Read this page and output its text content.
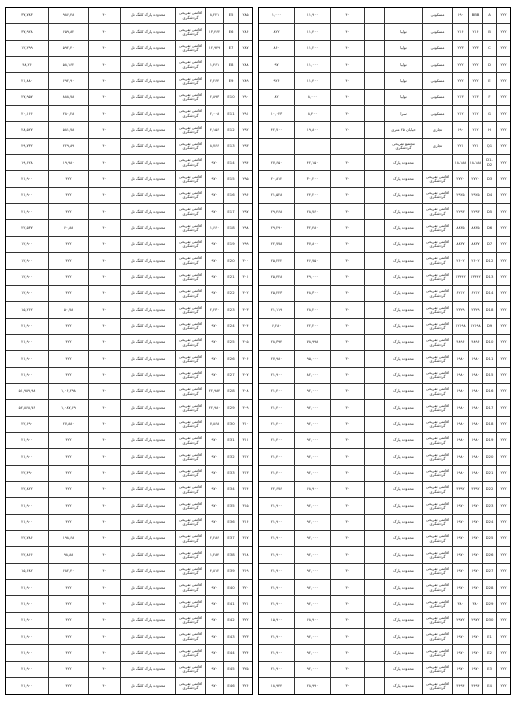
۲۸۵
E5
۸,۲۲۱
اقامتی تفریحی گردشگری
محدوده پارک کلنگ تل
۴۰
۹۸۶,۴۸
۳۷,۷۸۳
۲۸۶
E6
۱۳,۴۶۲
اقامتی تفریحی گردشگری
محدوده پارک کلنگ تل
۴۰
۶۵۹,۸۲
۳۷,۹۲۸
۲۸۷
E7
۱۲,۹۴۹
اقامتی تفریحی گردشگری
محدوده پارک کلنگ تل
۴۰
۵۹۲,۴۰
۱۲,۲۹۹
۲۸۸
E8
۱,۴۶۱
اقامتی تفریحی گردشگری
محدوده پارک کلنگ تل
۴۰
۵۸,۱۶۲
۴۸,۲۶
۲۸۹
E9
۲,۲۶۴
اقامتی تفریحی گردشگری
محدوده پارک کلنگ تل
۴۰
۶۹۲,۹۰
۲۱,۸۸۰
۲۹۰
E10
۲,۸۹۳
اقامتی تفریحی گردشگری
محدوده پارک کلنگ تل
۴۰
۸۸۸,۷۸
۲۷,۹۵۷
۲۹۱
E11
۲,۰۰۸
اقامتی تفریحی گردشگری
محدوده پارک کلنگ تل
۴۰
۲۸۰,۲۸
۲۰,۱۶۶
۲۹۲
E12
۴,۱۵۶
اقامتی تفریحی گردشگری
محدوده پارک کلنگ تل
۴۰
۵۸۱,۷۸
۲۸,۵۲۷
۲۹۳
E13
۸,۷۶۶
اقامتی تفریحی گردشگری
محدوده پارک کلنگ تل
۴۰
۲۲۹,۸۹
۲۹,۷۳۲
۲۹۴
E14
۹۷۰
اقامتی تفریحی گردشگری
محدوده پارک کلنگ تل
۴۰
۱۹,۹۸۰
۱۹,۶۲۸
۲۹۵
E15
۹۷۰
اقامتی تفریحی گردشگری
محدوده پارک کلنگ تل
۴۰
۴۲۲
۲۱,۹۰۰
۲۹۶
E16
۹۷۰
اقامتی تفریحی گردشگری
محدوده پارک کلنگ تل
۴۰
۴۲۲
۲۱,۹۰۰
۲۹۷
E17
۹۷۰
اقامتی تفریحی گردشگری
محدوده پارک کلنگ تل
۴۰
۴۲۲
۲۱,۹۰۰
۲۹۸
E18
۱,۶۶۰
اقامتی تفریحی گردشگری
محدوده پارک کلنگ تل
۴۰
۶۰,۸۸
۲۲,۵۳۷
۲۹۹
E19
۹۷۰
اقامتی تفریحی گردشگری
محدوده پارک کلنگ تل
۴۰
۴۲۲
۱۲,۹۰۰
۳۰۰
E20
۹۷۰
اقامتی تفریحی گردشگری
محدوده پارک کلنگ تل
۴۰
۴۲۲
۱۲,۹۰۰
۳۰۱
E21
۹۷۰
اقامتی تفریحی گردشگری
محدوده پارک کلنگ تل
۴۰
۴۲۲
۱۲,۹۰۰
۳۰۲
E22
۹۷۰
اقامتی تفریحی گردشگری
محدوده پارک کلنگ تل
۴۰
۴۲۲
۱۲,۹۰۰
۳۰۳
E23
۲,۲۳۰
اقامتی تفریحی گردشگری
محدوده پارک کلنگ تل
۴۰
۵۰,۷۸
۱۵,۲۶۲
۳۰۴
E24
۹۷۰
اقامتی تفریحی گردشگری
محدوده پارک کلنگ تل
۴۰
۴۲۲
۲۱,۹۰۰
۳۰۵
E25
۹۷۰
اقامتی تفریحی گردشگری
محدوده پارک کلنگ تل
۴۰
۴۲۲
۲۱,۹۰۰
۳۰۶
E26
۹۷۰
اقامتی تفریحی گردشگری
محدوده پارک کلنگ تل
۴۰
۴۲۲
۲۱,۹۰۰
۳۰۷
E27
۹۷۰
اقامتی تفریحی گردشگری
محدوده پارک کلنگ تل
۴۰
۴۲۲
۲۱,۹۰۰
۳۰۸
E28
۲۲,۹۸۴
اقامتی تفریحی گردشگری
محدوده پارک کلنگ تل
۴۰
۱,۰۶,۲۹۸
۵۱,۹۸۹,۹۸
۳۰۹
E29
۲۲,۹۸۰
اقامتی تفریحی گردشگری
محدوده پارک کلنگ تل
۴۰
۱,۰۸۷,۶۹
۵۲,۸۶۸,۷۶
۳۱۰
E30
۷,۸۶۸
اقامتی تفریحی گردشگری
محدوده پارک کلنگ تل
۴۰
۲۷,۸۸۰
۲۲,۶۹۰
۳۱۱
E31
۹۷۰
اقامتی تفریحی گردشگری
محدوده پارک کلنگ تل
۴۰
۴۲۲
۲۱,۹۰۰
۳۱۲
E32
۹۷۰
اقامتی تفریحی گردشگری
محدوده پارک کلنگ تل
۴۰
۴۲۲
۲۱,۹۰۰
۳۱۳
E33
۹۷۰
اقامتی تفریحی گردشگری
محدوده پارک کلنگ تل
۴۰
۴۲۲
۲۲,۴۹۰
۳۱۴
E34
۹۷۰
اقامتی تفریحی گردشگری
محدوده پارک کلنگ تل
۴۰
۴۲۲
۲۲,۸۲۲
۳۱۵
E35
۹۷۰
اقامتی تفریحی گردشگری
محدوده پارک کلنگ تل
۴۰
۴۲۲
۲۱,۹۰۰
۳۱۶
E36
۹۷۰
اقامتی تفریحی گردشگری
محدوده پارک کلنگ تل
۴۰
۴۲۲
۲۱,۹۰۰
۳۱۷
E37
۲,۲۸۶
اقامتی تفریحی گردشگری
محدوده پارک کلنگ تل
۴۰
۱۹۸,۶۸
۲۲,۷۸۶
۳۱۸
E38
۱,۲۸۴
اقامتی تفریحی گردشگری
محدوده پارک کلنگ تل
۴۰
۹۸,۸۸
۲۲,۸۶۶
۳۱۹
E39
۴,۸۱۲
اقامتی تفریحی گردشگری
محدوده پارک کلنگ تل
۴۰
۶۸۲,۴۰
۱۵,۶۸۲
۳۲۰
E40
۹۷۰
اقامتی تفریحی گردشگری
محدوده پارک کلنگ تل
۴۰
۴۲۲
۲۱,۹۰۰
۳۲۱
E41
۹۷۰
اقامتی تفریحی گردشگری
محدوده پارک کلنگ تل
۴۰
۴۲۲
۲۱,۹۰۰
۳۲۲
E42
۹۷۰
اقامتی تفریحی گردشگری
محدوده پارک کلنگ تل
۴۰
۴۲۲
۲۱,۹۰۰
۳۲۳
E43
۹۷۰
اقامتی تفریحی گردشگری
محدوده پارک کلنگ تل
۴۰
۴۲۲
۲۱,۹۰۰
۳۲۴
E44
۹۷۰
اقامتی تفریحی گردشگری
محدوده پارک کلنگ تل
۴۰
۴۲۲
۲۱,۹۰۰
۳۲۵
E45
۹۷۰
اقامتی تفریحی گردشگری
محدوده پارک کلنگ تل
۴۰
۴۲۲
۲۱,۹۰۰
۳۲۶
E46
۹۷۰
اقامتی تفریحی گردشگری
محدوده پارک کلنگ تل
۴۰
۴۲۲
۲۱,۹۰۰
۲۲۲
A
BBB
۱۹۰
مسکونی
۴۰
۱۱,۹۰۰
۱,۰۰۰
۲۲۲
B
۲۱۶
۲۱۶
مسکونی
تولیا
۴۰
۱۱,۴۰۰
۸۲۲
۲۲۲
C
۲۲۳
۲۲۳
مسکونی
تولیا
۴۰
۱۱,۲۰۰
۸۶۰
۲۲۲
D
۲۲۲
۲۲۲
مسکونی
تولیا
۴۰
۱۱,۰۰۰
۹۷
۲۲۲
E
۲۲۲
۲۲۲
مسکونی
تولیا
۴۰
۱۱,۴۰۰
۹۲۶
۲۲۲
F
۲۱۳
۲۱۳
مسکونی
تولیا
۴۰
۸,۰۰۰
۸۲
۲۲۲
G
۲۱۲
۲۱۲
مسکونی
سرا
۳۰
۸,۴۰۰
۱۰,۰۲۳
۲۲۲
H
۲۱۲
۱۹۰
تجاری
خیابان ۲۵ متری
۲۰
۱۹,۸۰۰
۴۲,۷۰۰
۲۲۲
Q1
۲۲۱
۲۲۱
تجاری
مجتمع تفریحی گردشگری
۲۲۲
D1-D2
۱۸،۱۸۸
۱۸،۱۸۸
محدوده پارک
۳۰
۴۲,۱۵۰
۲۷,۶۵۰
۲۲۲
D3
۲۷۲۰
۲۷۲۰
اقامتی تفریحی گردشگری
محدوده پارک
۳۰
۳۰,۲۰۰
۲۰,۸۱۲
۲۲۲
D4
۲۹۲۵
۲۹۲۵
اقامتی تفریحی گردشگری
محدوده پارک
۳۰
۲۴,۲۰۰
۲۱,۵۲۸
۲۲۲
D5
۲۲۹۳
۲۲۹۳
اقامتی تفریحی گردشگری
محدوده پارک
۳۰
۲۸,۷۶۰
۲۹,۴۶۸
۲۲۲
D6
۸۸۳۵
۸۸۳۵
اقامتی تفریحی گردشگری
محدوده پارک
۳۰
۳۲,۴۸۰
۲۹,۲۹۰
۲۲۲
D7
۸۸۳۷
۸۸۳۷
اقامتی تفریحی گردشگری
محدوده پارک
۳۰
۳۷,۸۰۰
۲۲,۷۷۸
۲۲۲
D12
۲۶۰۲
۲۶۰۲
اقامتی تفریحی گردشگری
محدوده پارک
۳۰
۴۶,۷۵۰
۲۵,۲۲۲
۲۲۲
D13
۱۳۴۴۲
۱۳۴۴۲
اقامتی تفریحی گردشگری
محدوده پارک
۳۰
۴۹,۰۰۰
۲۵,۴۲۸
۲۲۲
D14
۶۲۱۲
۶۲۱۲
اقامتی تفریحی گردشگری
محدوده پارک
۳۰
۴۸,۳۰۰
۲۵,۲۲۳
۲۲۲
D18
۲۳۲۹
۲۳۲۹
اقامتی تفریحی گردشگری
محدوده پارک
۳۰
۲۸,۲۰۰
۲۱,۱۱۹
۲۲۲
D9
۱۲۱۹۸
۱۲۱۹۸
اقامتی تفریحی گردشگری
محدوده پارک
۳۰
۲۲,۲۰۰
۶,۲۸۰
۲۲۲
D10
۴۸۹۶
۴۸۹۶
اقامتی تفریحی گردشگری
محدوده پارک
۳۰
۷۸,۹۹۸
۲۸,۳۹۴
۲۲۲
D11
۱۹۸۰
۱۹۸۰
اقامتی تفریحی گردشگری
محدوده پارک
۳۰
۹۵,۰۰۰
۲۷,۹۸۰
۲۲۲
D15
۱۹۸۰
۱۹۸۰
اقامتی تفریحی گردشگری
محدوده پارک
۳۰
۸۲,۰۰۰
۲۱,۹۰۰
۲۲۲
D16
۱۹۸۰
۱۹۸۰
اقامتی تفریحی گردشگری
محدوده پارک
۳۰
۹۲,۰۰۰
۲۱,۴۰۰
۲۲۲
D17
۱۹۸۰
۱۹۸۰
اقامتی تفریحی گردشگری
محدوده پارک
۳۰
۹۲,۰۰۰
۲۱,۴۰۰
۲۲۲
D18
۱۹۸۰
۱۹۸۰
اقامتی تفریحی گردشگری
محدوده پارک
۳۰
۹۲,۰۰۰
۲۱,۴۰۰
۲۲۲
D19
۱۹۸۰
۱۹۸۰
اقامتی تفریحی گردشگری
محدوده پارک
۳۰
۹۲,۰۰۰
۲۱,۴۰۰
۲۲۲
D20
۱۹۸۰
۱۹۸۰
اقامتی تفریحی گردشگری
محدوده پارک
۳۰
۹۲,۰۰۰
۲۱,۴۰۰
۲۲۲
D21
۱۹۸۰
۱۹۸۰
اقامتی تفریحی گردشگری
محدوده پارک
۳۰
۹۲,۰۰۰
۲۱,۴۰۰
۲۲۲
D22
۴۳۹۲
۴۳۹۲
اقامتی تفریحی گردشگری
محدوده پارک
۳۰
۶۸,۹۰۰
۲۲,۶۷۶
۲۲۲
D23
۱۹۷۰
۱۹۷۰
اقامتی تفریحی گردشگری
محدوده پارک
۳۰
۹۲,۰۰۰
۲۱,۹۰۰
۲۲۲
D24
۱۹۷۰
۱۹۷۰
اقامتی تفریحی گردشگری
محدوده پارک
۳۰
۹۲,۰۰۰
۲۱,۹۰۰
۲۲۲
D25
۱۹۷۰
۱۹۷۰
اقامتی تفریحی گردشگری
محدوده پارک
۳۰
۹۲,۰۰۰
۲۱,۹۰۰
۲۲۲
D26
۱۹۷۰
۱۹۷۰
اقامتی تفریحی گردشگری
محدوده پارک
۳۰
۹۲,۰۰۰
۲۱,۹۰۰
۲۲۲
D27
۱۹۷۰
۱۹۷۰
اقامتی تفریحی گردشگری
محدوده پارک
۳۰
۹۲,۰۰۰
۲۱,۹۰۰
۲۲۲
D28
۱۹۷۰
۱۹۷۰
اقامتی تفریحی گردشگری
محدوده پارک
۳۰
۹۲,۰۰۰
۲۱,۹۰۰
۲۲۲
D29
۳۸۰
۳۸۰
اقامتی تفریحی گردشگری
محدوده پارک
۳۰
۹۲,۰۰۰
۲۱,۹۰۰
۲۲۲
D30
۲۹۷۲
۲۹۷۲
اقامتی تفریحی گردشگری
محدوده پارک
۳۰
۶۸,۹۰۰
۱۵,۹۰۰
۲۲۲
E1
۱۹۷۰
۱۹۷۰
اقامتی تفریحی گردشگری
محدوده پارک
۳۰
۹۲,۰۰۰
۲۱,۹۰۰
۲۲۲
E2
۱۹۷۰
۱۹۷۰
اقامتی تفریحی گردشگری
محدوده پارک
۳۰
۹۲,۰۰۰
۲۱,۹۰۰
۲۲۲
E3
۱۹۷۰
۱۹۷۰
اقامتی تفریحی گردشگری
محدوده پارک
۳۰
۹۲,۰۰۰
۲۱,۹۰۰
۲۲۲
E4
۴۴۹۴
۴۴۹۴
اقامتی تفریحی گردشگری
محدوده پارک
۳۰
۲۸,۹۹۰
۱۸,۹۴۴
